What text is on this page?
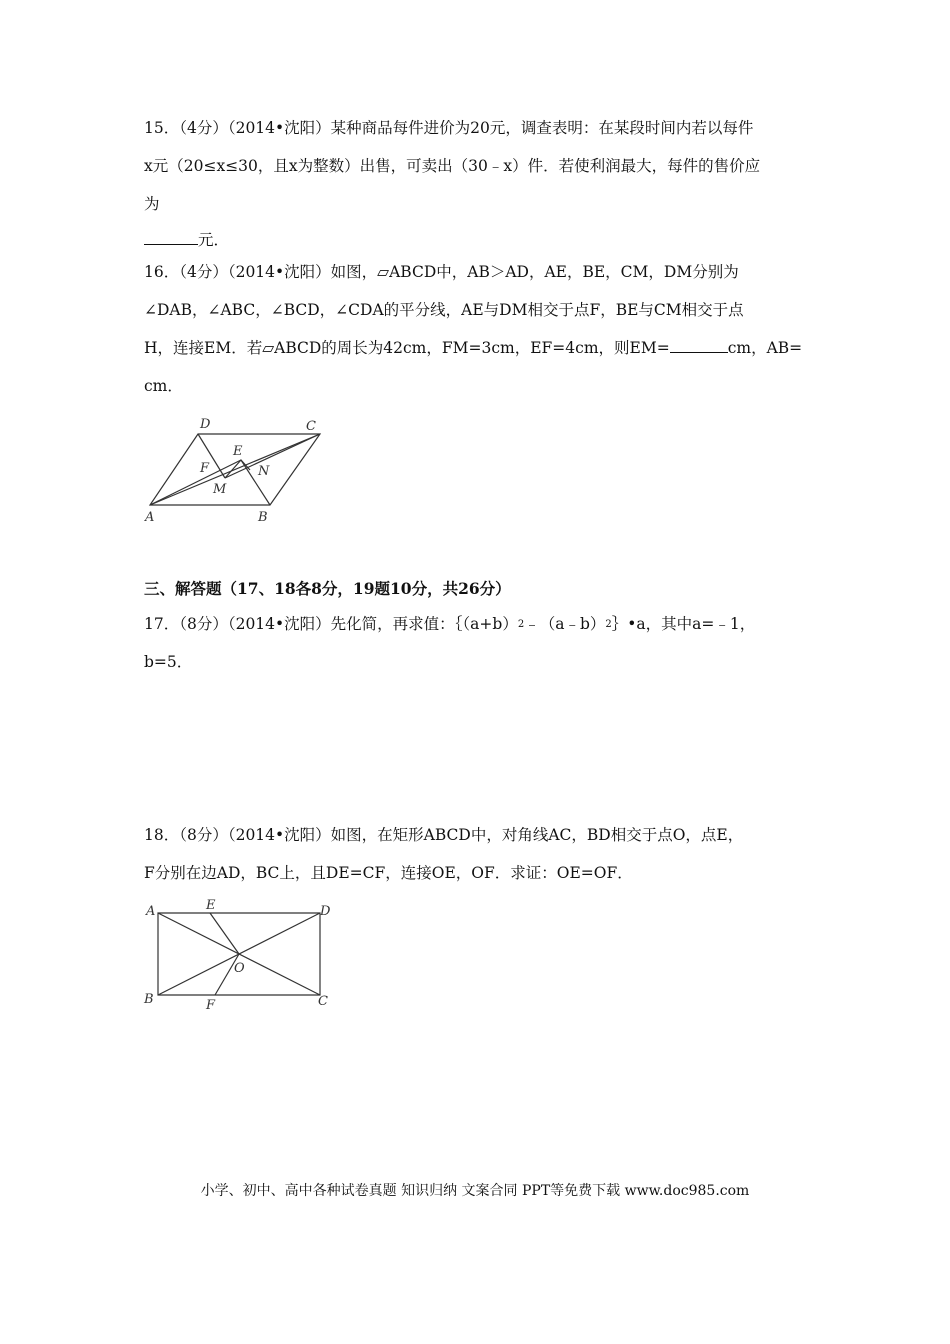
15．（4分）（2014•沈阳）某种商品每件进价为20元，调查表明：在某段时间内若以每件
x元（20≤x≤30，且x为整数）出售，可卖出（30﹣x）件．若使利润最大，每件的售价应
为
元．
16．（4分）（2014•沈阳）如图，▱ABCD中，AB＞AD，AE，BE，CM，DM分别为
∠DAB，∠ABC，∠BCD，∠CDA的平分线，AE与DM相交于点F，BE与CM相交于点
H，连接EM．若▱ABCD的周长为42cm，FM=3cm，EF=4cm，则EM=	cm，AB=
cm．
D	C
E
F	N
M
A	B
三、解答题（17、18各8分，19题10分，共26分）
17．（8分）（2014•沈阳）先化简，再求值：$\{(a+b)^2﹣(a﹣b)^2\}•a$，其中a=﹣1，
b=5．
18．（8分）（2014•沈阳）如图，在矩形ABCD中，对角线AC，BD相交于点O，点E，
F分别在边AD，BC上，且DE=CF，连接OE，OF．求证：OE=OF．
A	E	D
O
B	F	C
小学、初中、高中各种试卷真题 知识归纳 文案合同 PPT等免费下载 www.doc985.com
